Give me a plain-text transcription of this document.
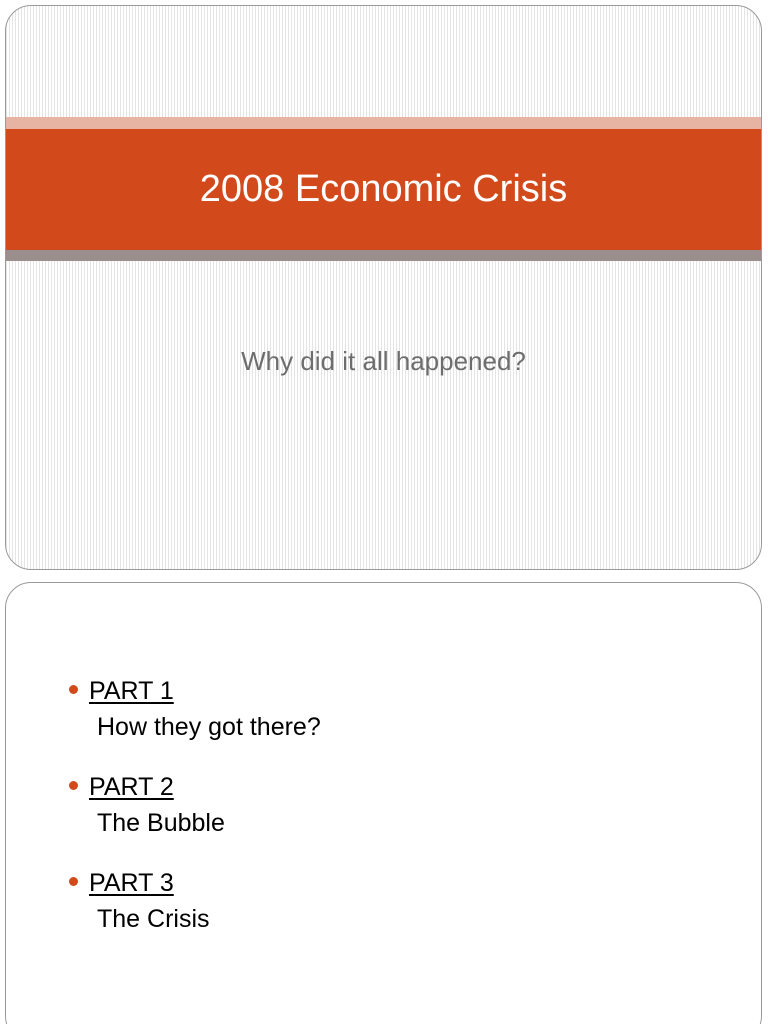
2008 Economic Crisis
Why did it all happened?
PART 1
How they got there?
PART 2
The Bubble
PART 3
The Crisis
